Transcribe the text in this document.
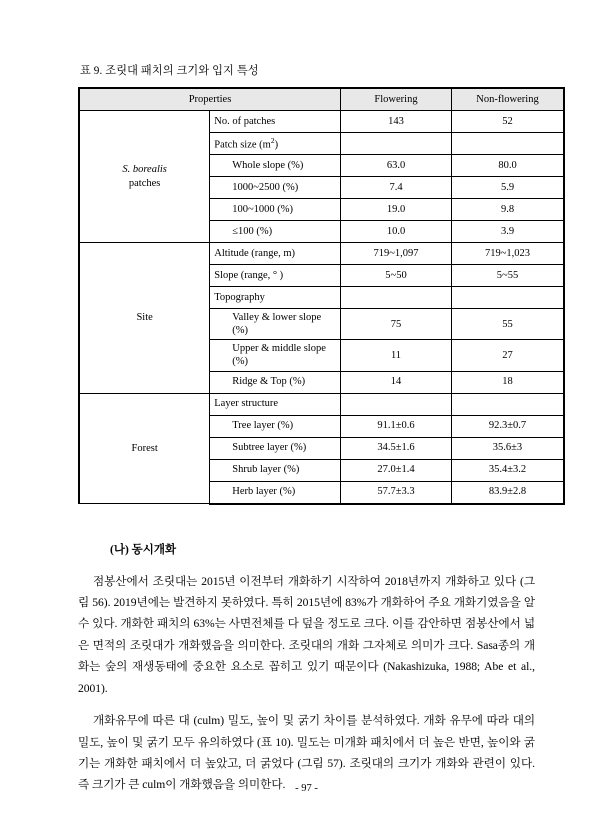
표 9. 조릿대 패치의 크기와 입지 특성
Properties		Flowering	Non-flowering
S. borealis
patches	No. of patches	143	52
	Patch size $(m^2)$		
	Whole slope (%)	63.0	80.0
	1000~2500 (%)	7.4	5.9
	100~1000 (%)	19.0	9.8
	≤100 (%)	10.0	3.9
Site	Altitude (range, m)	719~1,097	719~1,023
	Slope (range, ° )	5~50	5~55
	Topography		
	Valley & lower slope (%)	75	55
	Upper & middle slope (%)	11	27
	Ridge & Top (%)	14	18
Forest	Layer structure		
	Tree layer (%)	91.1±0.6	92.3±0.7
	Subtree layer (%)	34.5±1.6	35.6±3
	Shrub layer (%)	27.0±1.4	35.4±3.2
	Herb layer (%)	57.7±3.3	83.9±2.8
(나) 동시개화

점봉산에서 조릿대는 2015년 이전부터 개화하기 시작하여 2018년까지 개화하고 있다 (그림 56). 2019년에는 발견하지 못하였다. 특히 2015년에 83%가 개화하어 주요 개화기였음을 알 수 있다. 개화한 패치의 63%는 사면전체를 다 덮을 정도로 크다. 이를 감안하면 점봉산에서 넓은 면적의 조릿대가 개화했음을 의미한다. 조릿대의 개화 그자체로 의미가 크다. Sasa종의 개화는 숲의 재생동태에 중요한 요소로 꼽히고 있기 때문이다 (Nakashizuka, 1988; Abe et al., 2001).

개화유무에 따른 대 (culm) 밀도, 높이 및 굵기 차이를 분석하였다. 개화 유무에 따라 대의 밀도, 높이 및 굵기 모두 유의하였다 (표 10). 밀도는 미개화 패치에서 더 높은 반면, 높이와 굵기는 개화한 패치에서 더 높았고, 더 굵었다 (그림 57). 조릿대의 크기가 개화와 관련이 있다. 즉 크기가 큰 culm이 개화했음을 의미한다. - 97 -
